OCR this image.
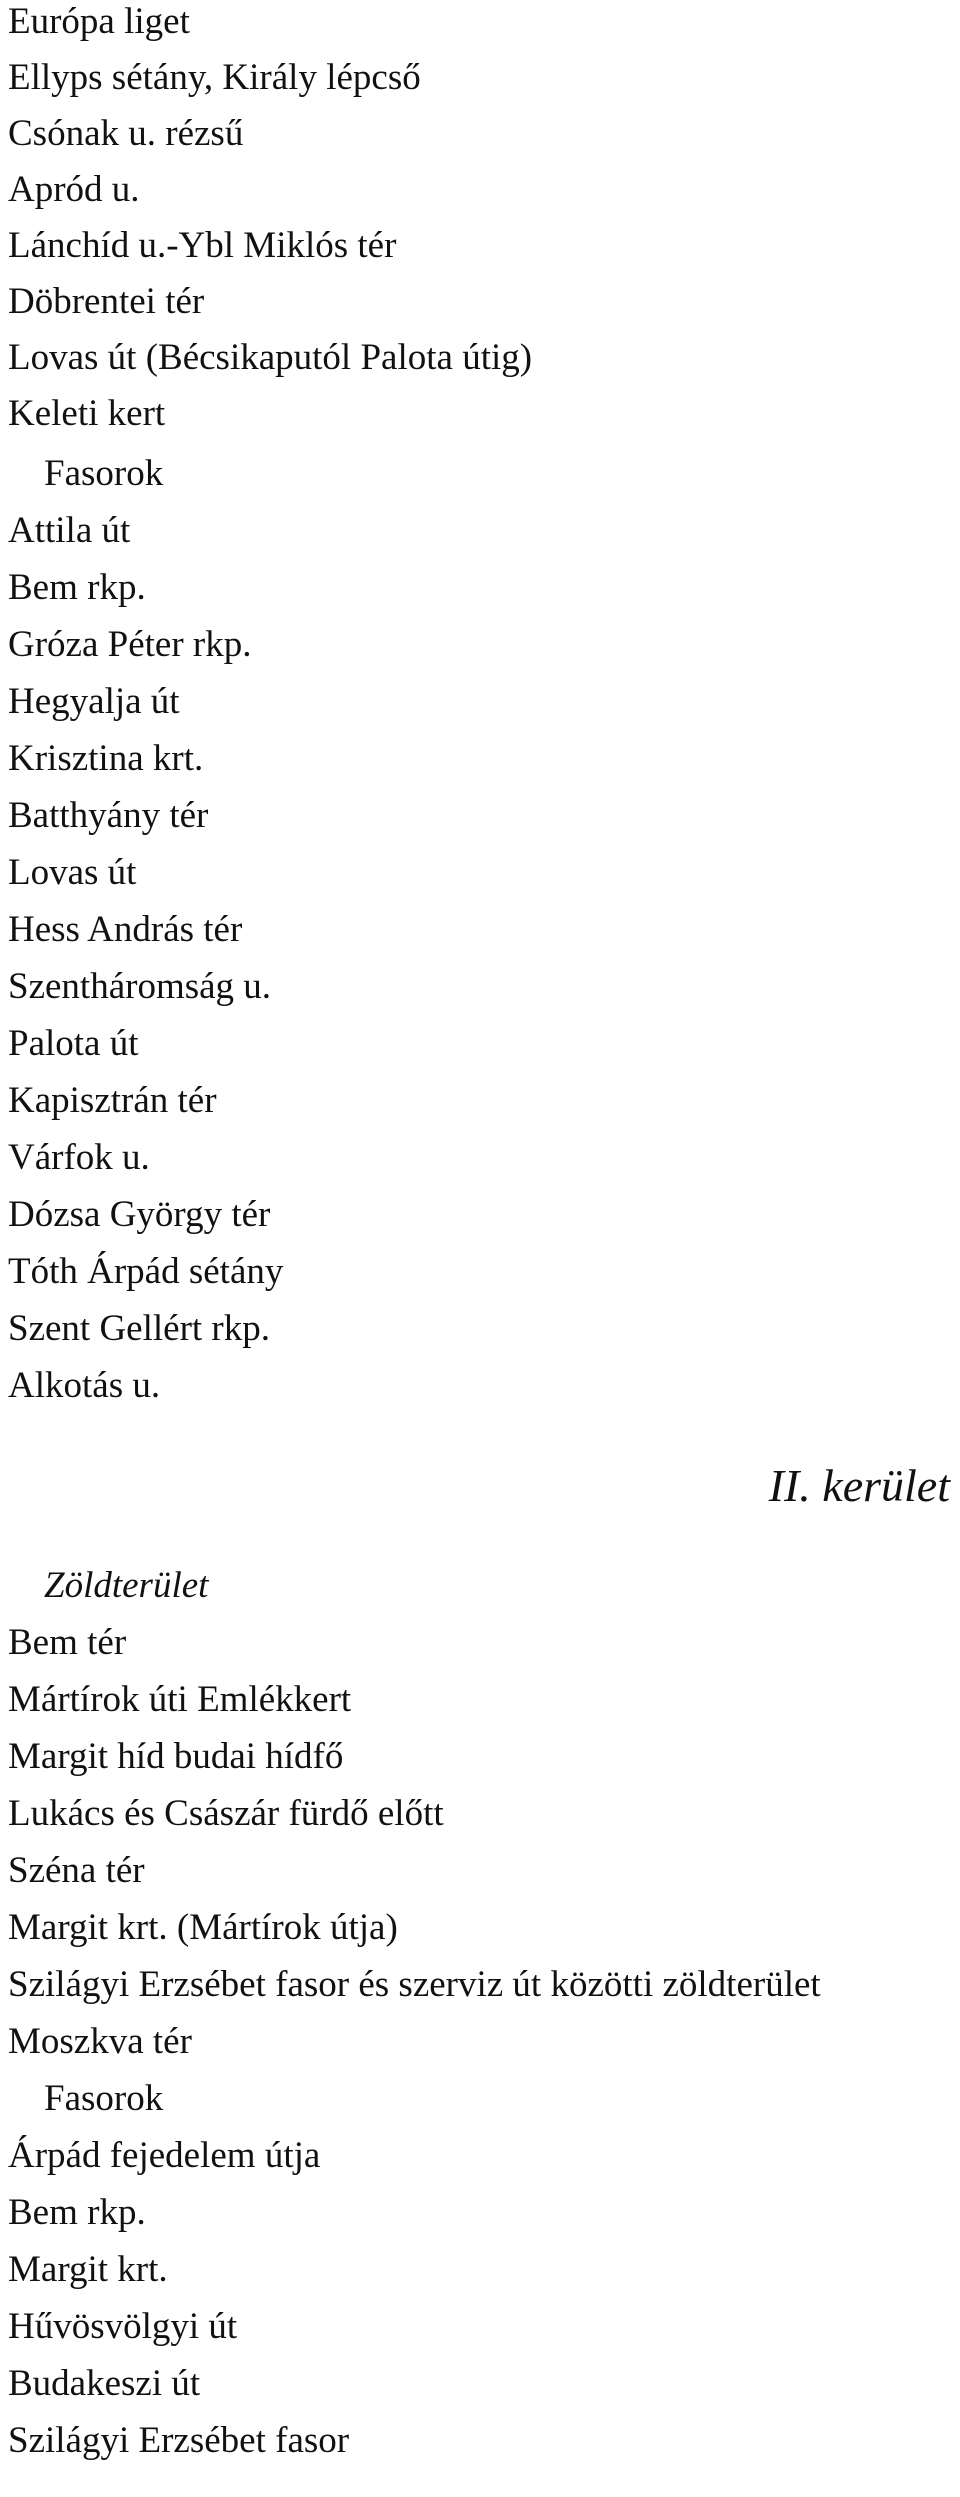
Európa liget
Ellyps sétány, Király lépcső
Csónak u. rézsű
Apród u.
Lánchíd u.-Ybl Miklós tér
Döbrentei tér
Lovas út (Bécsikaputól Palota útig)
Keleti kert
Fasorok
Attila út
Bem rkp.
Gróza Péter rkp.
Hegyalja út
Krisztina krt.
Batthyány tér
Lovas út
Hess András tér
Szentháromság u.
Palota út
Kapisztrán tér
Várfok u.
Dózsa György tér
Tóth Árpád sétány
Szent Gellért rkp.
Alkotás u.
II. kerület
Zöldterület
Bem tér
Mártírok úti Emlékkert
Margit híd budai hídfő
Lukács és Császár fürdő előtt
Széna tér
Margit krt. (Mártírok útja)
Szilágyi Erzsébet fasor és szerviz út közötti zöldterület
Moszkva tér
Fasorok
Árpád fejedelem útja
Bem rkp.
Margit krt.
Hűvösvölgyi út
Budakeszi út
Szilágyi Erzsébet fasor
